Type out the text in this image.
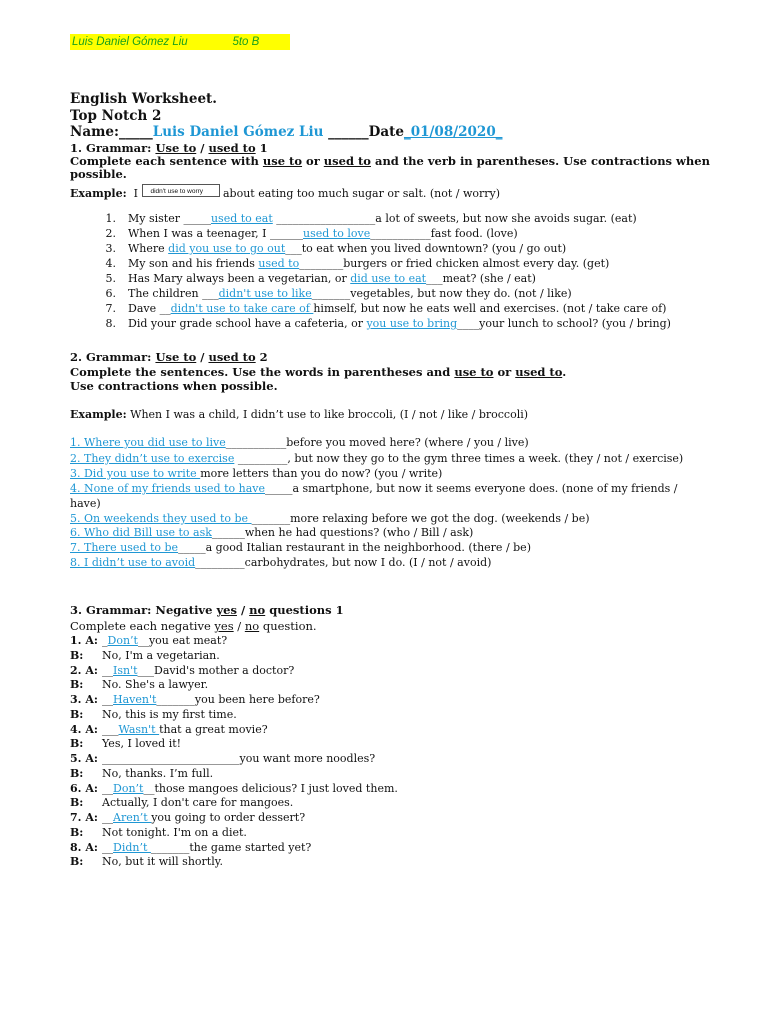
Luis Daniel Gómez Liu	5to B
English Worksheet.
Top Notch 2
Name:_____Luis Daniel Gómez Liu ______Date_01/08/2020_
1. Grammar: Use to / used to 1
Complete each sentence with use to or used to and the verb in parentheses. Use contractions when
possible.
Example: I didn't use to worry about eating too much sugar or salt. (not / worry)
1. My sister _____used to eat __________________a lot of sweets, but now she avoids sugar. (eat)
2. When I was a teenager, I ______used to love___________fast food. (love)
3. Where did you use to go out___to eat when you lived downtown? (you / go out)
4. My son and his friends used to________burgers or fried chicken almost every day. (get)
5. Has Mary always been a vegetarian, or did use to eat___meat? (she / eat)
6. The children ___didn't use to like_______vegetables, but now they do. (not / like)
7. Dave __didn't use to take care of himself, but now he eats well and exercises. (not / take care of)
8. Did your grade school have a cafeteria, or you use to bring____your lunch to school? (you / bring)
2. Grammar: Use to / used to 2
Complete the sentences. Use the words in parentheses and use to or used to.
Use contractions when possible.
Example: When I was a child, I didn’t use to like broccoli, (I / not / like / broccoli)
1. Where you did use to live___________before you moved here? (where / you / live)
2. They didn’t use to exercise _________, but now they go to the gym three times a week. (they / not / exercise)
3. Did you use to write more letters than you do now? (you / write)
4. None of my friends used to have_____a smartphone, but now it seems everyone does. (none of my friends /
have)
5. On weekends they used to be _______more relaxing before we got the dog. (weekends / be)
6. Who did Bill use to ask______when he had questions? (who / Bill / ask)
7. There used to be_____a good Italian restaurant in the neighborhood. (there / be)
8. I didn’t use to avoid_________carbohydrates, but now I do. (I / not / avoid)
3. Grammar: Negative yes / no questions 1
Complete each negative yes / no question.
1. A: _Don’t__you eat meat?
B: No, I'm a vegetarian.
2. A: __Isn't___David's mother a doctor?
B: No. She's a lawyer.
3. A: __Haven't_______you been here before?
B: No, this is my first time.
4. A: ___Wasn't that a great movie?
B: Yes, I loved it!
5. A: _________________________you want more noodles?
B: No, thanks. I’m full.
6. A: __Don’t__those mangoes delicious? I just loved them.
B: Actually, I don't care for mangoes.
7. A: __Aren’t you going to order dessert?
B: Not tonight. I'm on a diet.
8. A: __Didn’t _______the game started yet?
B: No, but it will shortly.
